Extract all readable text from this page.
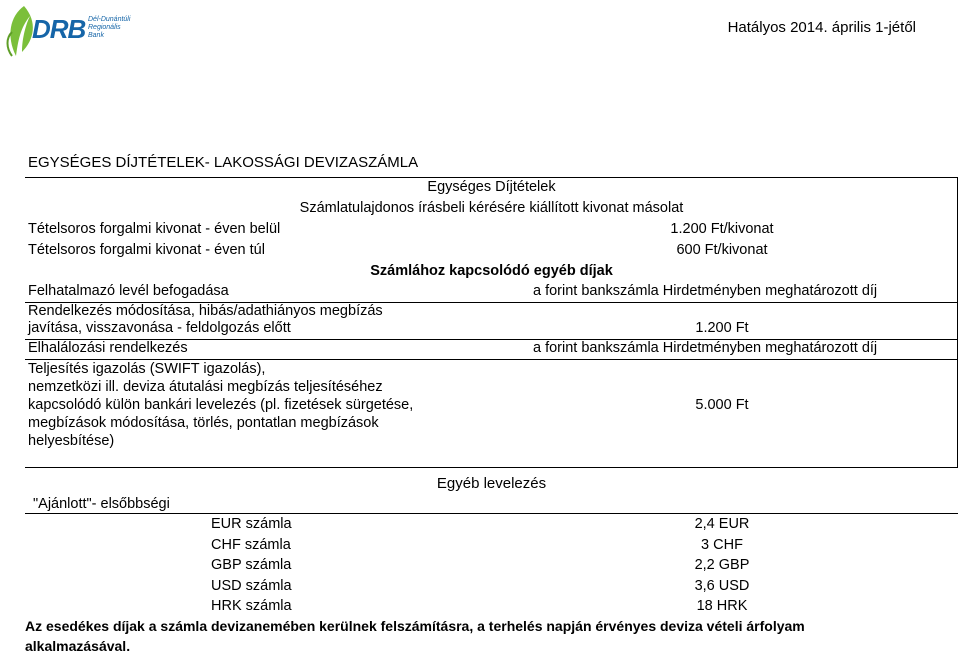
DRB Dél-Dunántúli Regionális Bank	Hatályos 2014. április 1-jétől
EGYSÉGES DÍJTÉTELEK- LAKOSSÁGI DEVIZASZÁMLA
Egységes Díjtételek
Számlatulajdonos írásbeli kérésére kiállított kivonat másolat
Tételsoros forgalmi kivonat - éven belül	1.200 Ft/kivonat
Tételsoros forgalmi kivonat - éven túl	600 Ft/kivonat
Számlához kapcsolódó egyéb díjak
Felhatalmazó levél befogadása	a forint bankszámla Hirdetményben meghatározott díj
Rendelkezés módosítása, hibás/adathiányos megbízás
javítása, visszavonása - feldolgozás előtt	1.200 Ft
Elhalálozási rendelkezés	a forint bankszámla Hirdetményben meghatározott díj
Teljesítés igazolás (SWIFT igazolás),
nemzetközi ill. deviza átutalási megbízás teljesítéséhez
kapcsolódó külön bankári levelezés (pl. fizetések sürgetése,
megbízások módosítása, törlés, pontatlan megbízások
helyesbítése)
5.000 Ft
Egyéb levelezés
"Ajánlott"- elsőbbségi
EUR számla	2,4 EUR
CHF számla	3 CHF
GBP számla	2,2 GBP
USD számla	3,6 USD
HRK számla	18 HRK
Az esedékes díjak a számla devizanemében kerülnek felszámításra, a terhelés napján érvényes deviza vételi árfolyam
alkalmazásával.
